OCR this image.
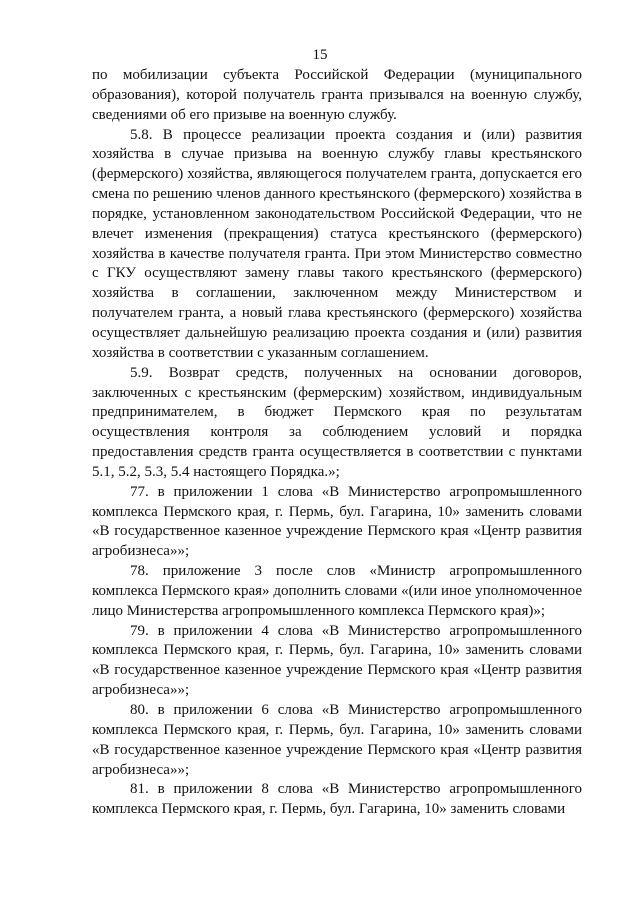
15

по мобилизации субъекта Российской Федерации (муниципального образования), которой получатель гранта призывался на военную службу, сведениями об его призыве на военную службу.

5.8. В процессе реализации проекта создания и (или) развития хозяйства в случае призыва на военную службу главы крестьянского (фермерского) хозяйства, являющегося получателем гранта, допускается его смена по решению членов данного крестьянского (фермерского) хозяйства в порядке, установленном законодательством Российской Федерации, что не влечет изменения (прекращения) статуса крестьянского (фермерского) хозяйства в качестве получателя гранта. При этом Министерство совместно с ГКУ осуществляют замену главы такого крестьянского (фермерского) хозяйства в соглашении, заключенном между Министерством и получателем гранта, а новый глава крестьянского (фермерского) хозяйства осуществляет дальнейшую реализацию проекта создания и (или) развития хозяйства в соответствии с указанным соглашением.

5.9. Возврат средств, полученных на основании договоров, заключенных с крестьянским (фермерским) хозяйством, индивидуальным предпринимателем, в бюджет Пермского края по результатам осуществления контроля за соблюдением условий и порядка предоставления средств гранта осуществляется в соответствии с пунктами 5.1, 5.2, 5.3, 5.4 настоящего Порядка.»;

77. в приложении 1 слова «В Министерство агропромышленного комплекса Пермского края, г. Пермь, бул. Гагарина, 10» заменить словами «В государственное казенное учреждение Пермского края «Центр развития агробизнеса»»;

78. приложение 3 после слов «Министр агропромышленного комплекса Пермского края» дополнить словами «(или иное уполномоченное лицо Министерства агропромышленного комплекса Пермского края)»;

79. в приложении 4 слова «В Министерство агропромышленного комплекса Пермского края, г. Пермь, бул. Гагарина, 10» заменить словами «В государственное казенное учреждение Пермского края «Центр развития агробизнеса»»;

80. в приложении 6 слова «В Министерство агропромышленного комплекса Пермского края, г. Пермь, бул. Гагарина, 10» заменить словами «В государственное казенное учреждение Пермского края «Центр развития агробизнеса»»;

81. в приложении 8 слова «В Министерство агропромышленного комплекса Пермского края, г. Пермь, бул. Гагарина, 10» заменить словами
